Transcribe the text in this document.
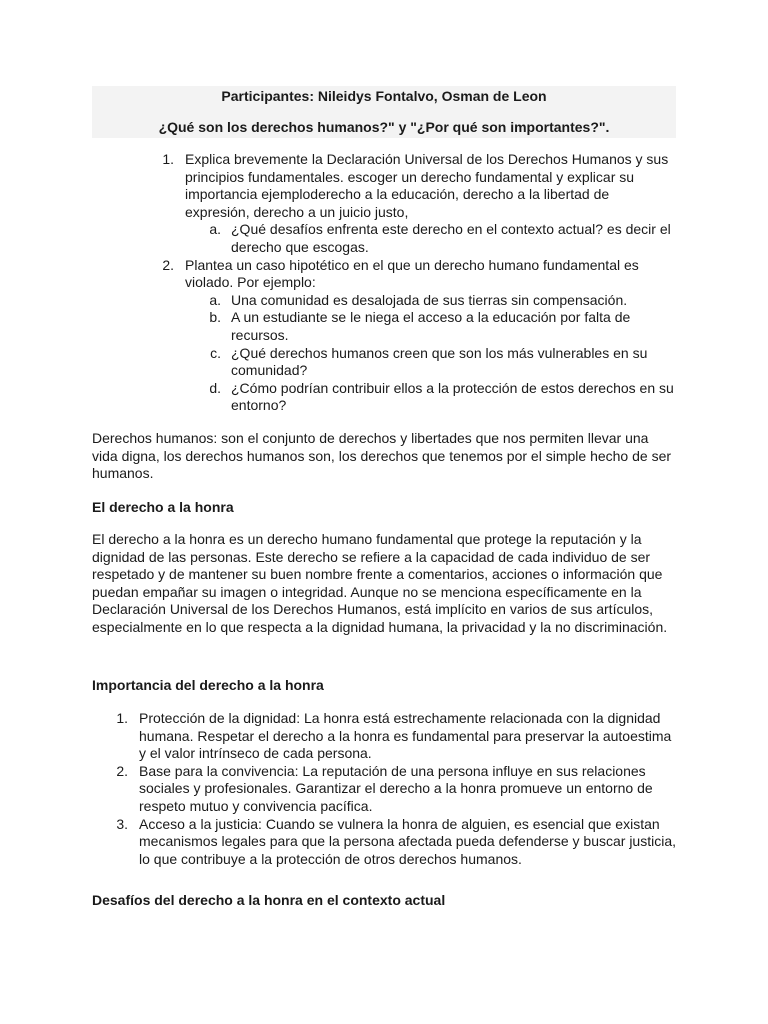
Participantes: Nileidys Fontalvo, Osman de Leon
¿Qué son los derechos humanos?" y "¿Por qué son importantes?".
1. Explica brevemente la Declaración Universal de los Derechos Humanos y sus principios fundamentales. escoger un derecho fundamental y explicar su importancia ejemploderecho a la educación, derecho a la libertad de expresión, derecho a un juicio justo,
a. ¿Qué desafíos enfrenta este derecho en el contexto actual? es decir el derecho que escogas.
2. Plantea un caso hipotético en el que un derecho humano fundamental es violado. Por ejemplo:
a. Una comunidad es desalojada de sus tierras sin compensación.
b. A un estudiante se le niega el acceso a la educación por falta de recursos.
c. ¿Qué derechos humanos creen que son los más vulnerables en su comunidad?
d. ¿Cómo podrían contribuir ellos a la protección de estos derechos en su entorno?

Derechos humanos: son el conjunto de derechos y libertades que nos permiten llevar una vida digna, los derechos humanos son, los derechos que tenemos por el simple hecho de ser humanos.

El derecho a la honra

El derecho a la honra es un derecho humano fundamental que protege la reputación y la dignidad de las personas. Este derecho se refiere a la capacidad de cada individuo de ser respetado y de mantener su buen nombre frente a comentarios, acciones o información que puedan empañar su imagen o integridad. Aunque no se menciona específicamente en la Declaración Universal de los Derechos Humanos, está implícito en varios de sus artículos, especialmente en lo que respecta a la dignidad humana, la privacidad y la no discriminación.

Importancia del derecho a la honra

1. Protección de la dignidad: La honra está estrechamente relacionada con la dignidad humana. Respetar el derecho a la honra es fundamental para preservar la autoestima y el valor intrínseco de cada persona.
2. Base para la convivencia: La reputación de una persona influye en sus relaciones sociales y profesionales. Garantizar el derecho a la honra promueve un entorno de respeto mutuo y convivencia pacífica.
3. Acceso a la justicia: Cuando se vulnera la honra de alguien, es esencial que existan mecanismos legales para que la persona afectada pueda defenderse y buscar justicia, lo que contribuye a la protección de otros derechos humanos.

Desafíos del derecho a la honra en el contexto actual
